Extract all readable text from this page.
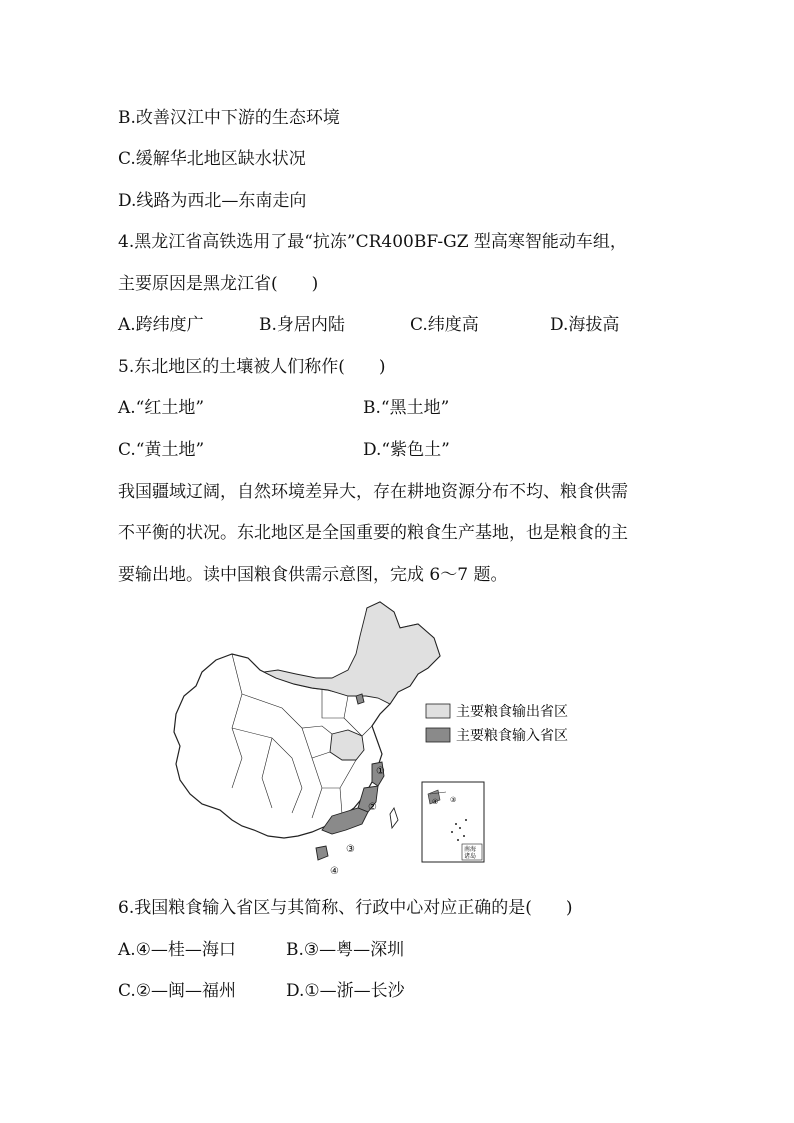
B.改善汉江中下游的生态环境
C.缓解华北地区缺水状况
D.线路为西北—东南走向
4.黑龙江省高铁选用了最“抗冻”CR400BF-GZ 型高寒智能动车组，
主要原因是黑龙江省(　　)
A.跨纬度广	B.身居内陆	C.纬度高	D.海拔高
5.东北地区的土壤被人们称作(　　)
A.“红土地”	B.“黑土地”
C.“黄土地”	D.“紫色土”
我国疆域辽阔，自然环境差异大，存在耕地资源分布不均、粮食供需
不平衡的状况。东北地区是全国重要的粮食生产基地，也是粮食的主
要输出地。读中国粮食供需示意图，完成 6～7 题。
①
②
③
④
主要粮食输出省区
主要粮食输入省区
④ ③
南海
诸岛
6.我国粮食输入省区与其简称、行政中心对应正确的是(　　)
A.④—桂—海口	B.③—粤—深圳
C.②—闽—福州	D.①—浙—长沙
